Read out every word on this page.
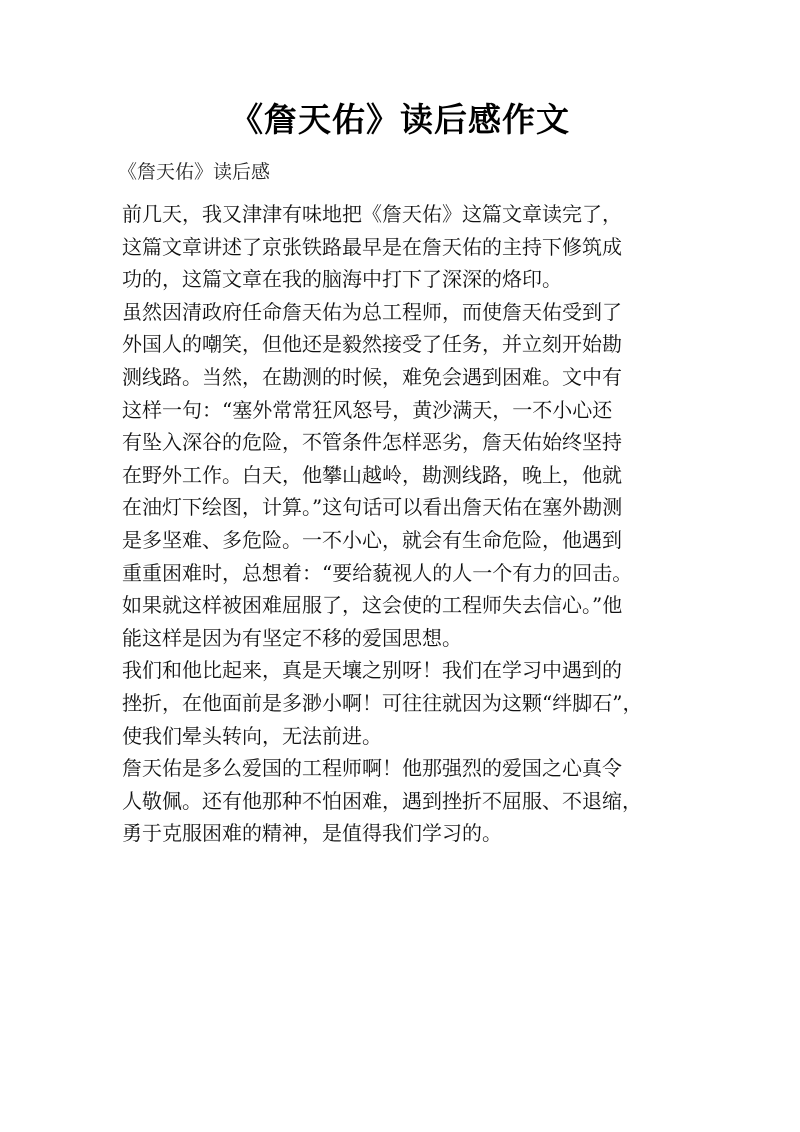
《詹天佑》读后感作文
《詹天佑》读后感
前几天，我又津津有味地把《詹天佑》这篇文章读完了，
这篇文章讲述了京张铁路最早是在詹天佑的主持下修筑成
功的，这篇文章在我的脑海中打下了深深的烙印。
虽然因清政府任命詹天佑为总工程师，而使詹天佑受到了
外国人的嘲笑，但他还是毅然接受了任务，并立刻开始勘
测线路。当然，在勘测的时候，难免会遇到困难。文中有
这样一句：“塞外常常狂风怒号，黄沙满天，一不小心还
有坠入深谷的危险，不管条件怎样恶劣，詹天佑始终坚持
在野外工作。白天，他攀山越岭，勘测线路，晚上，他就
在油灯下绘图，计算。”这句话可以看出詹天佑在塞外勘测
是多坚难、多危险。一不小心，就会有生命危险，他遇到
重重困难时，总想着：“要给藐视人的人一个有力的回击。
如果就这样被困难屈服了，这会使的工程师失去信心。”他
能这样是因为有坚定不移的爱国思想。
我们和他比起来，真是天壤之别呀！我们在学习中遇到的
挫折，在他面前是多渺小啊！可往往就因为这颗“绊脚石”，
使我们晕头转向，无法前进。
詹天佑是多么爱国的工程师啊！他那强烈的爱国之心真令
人敬佩。还有他那种不怕困难，遇到挫折不屈服、不退缩，
勇于克服困难的精神，是值得我们学习的。
